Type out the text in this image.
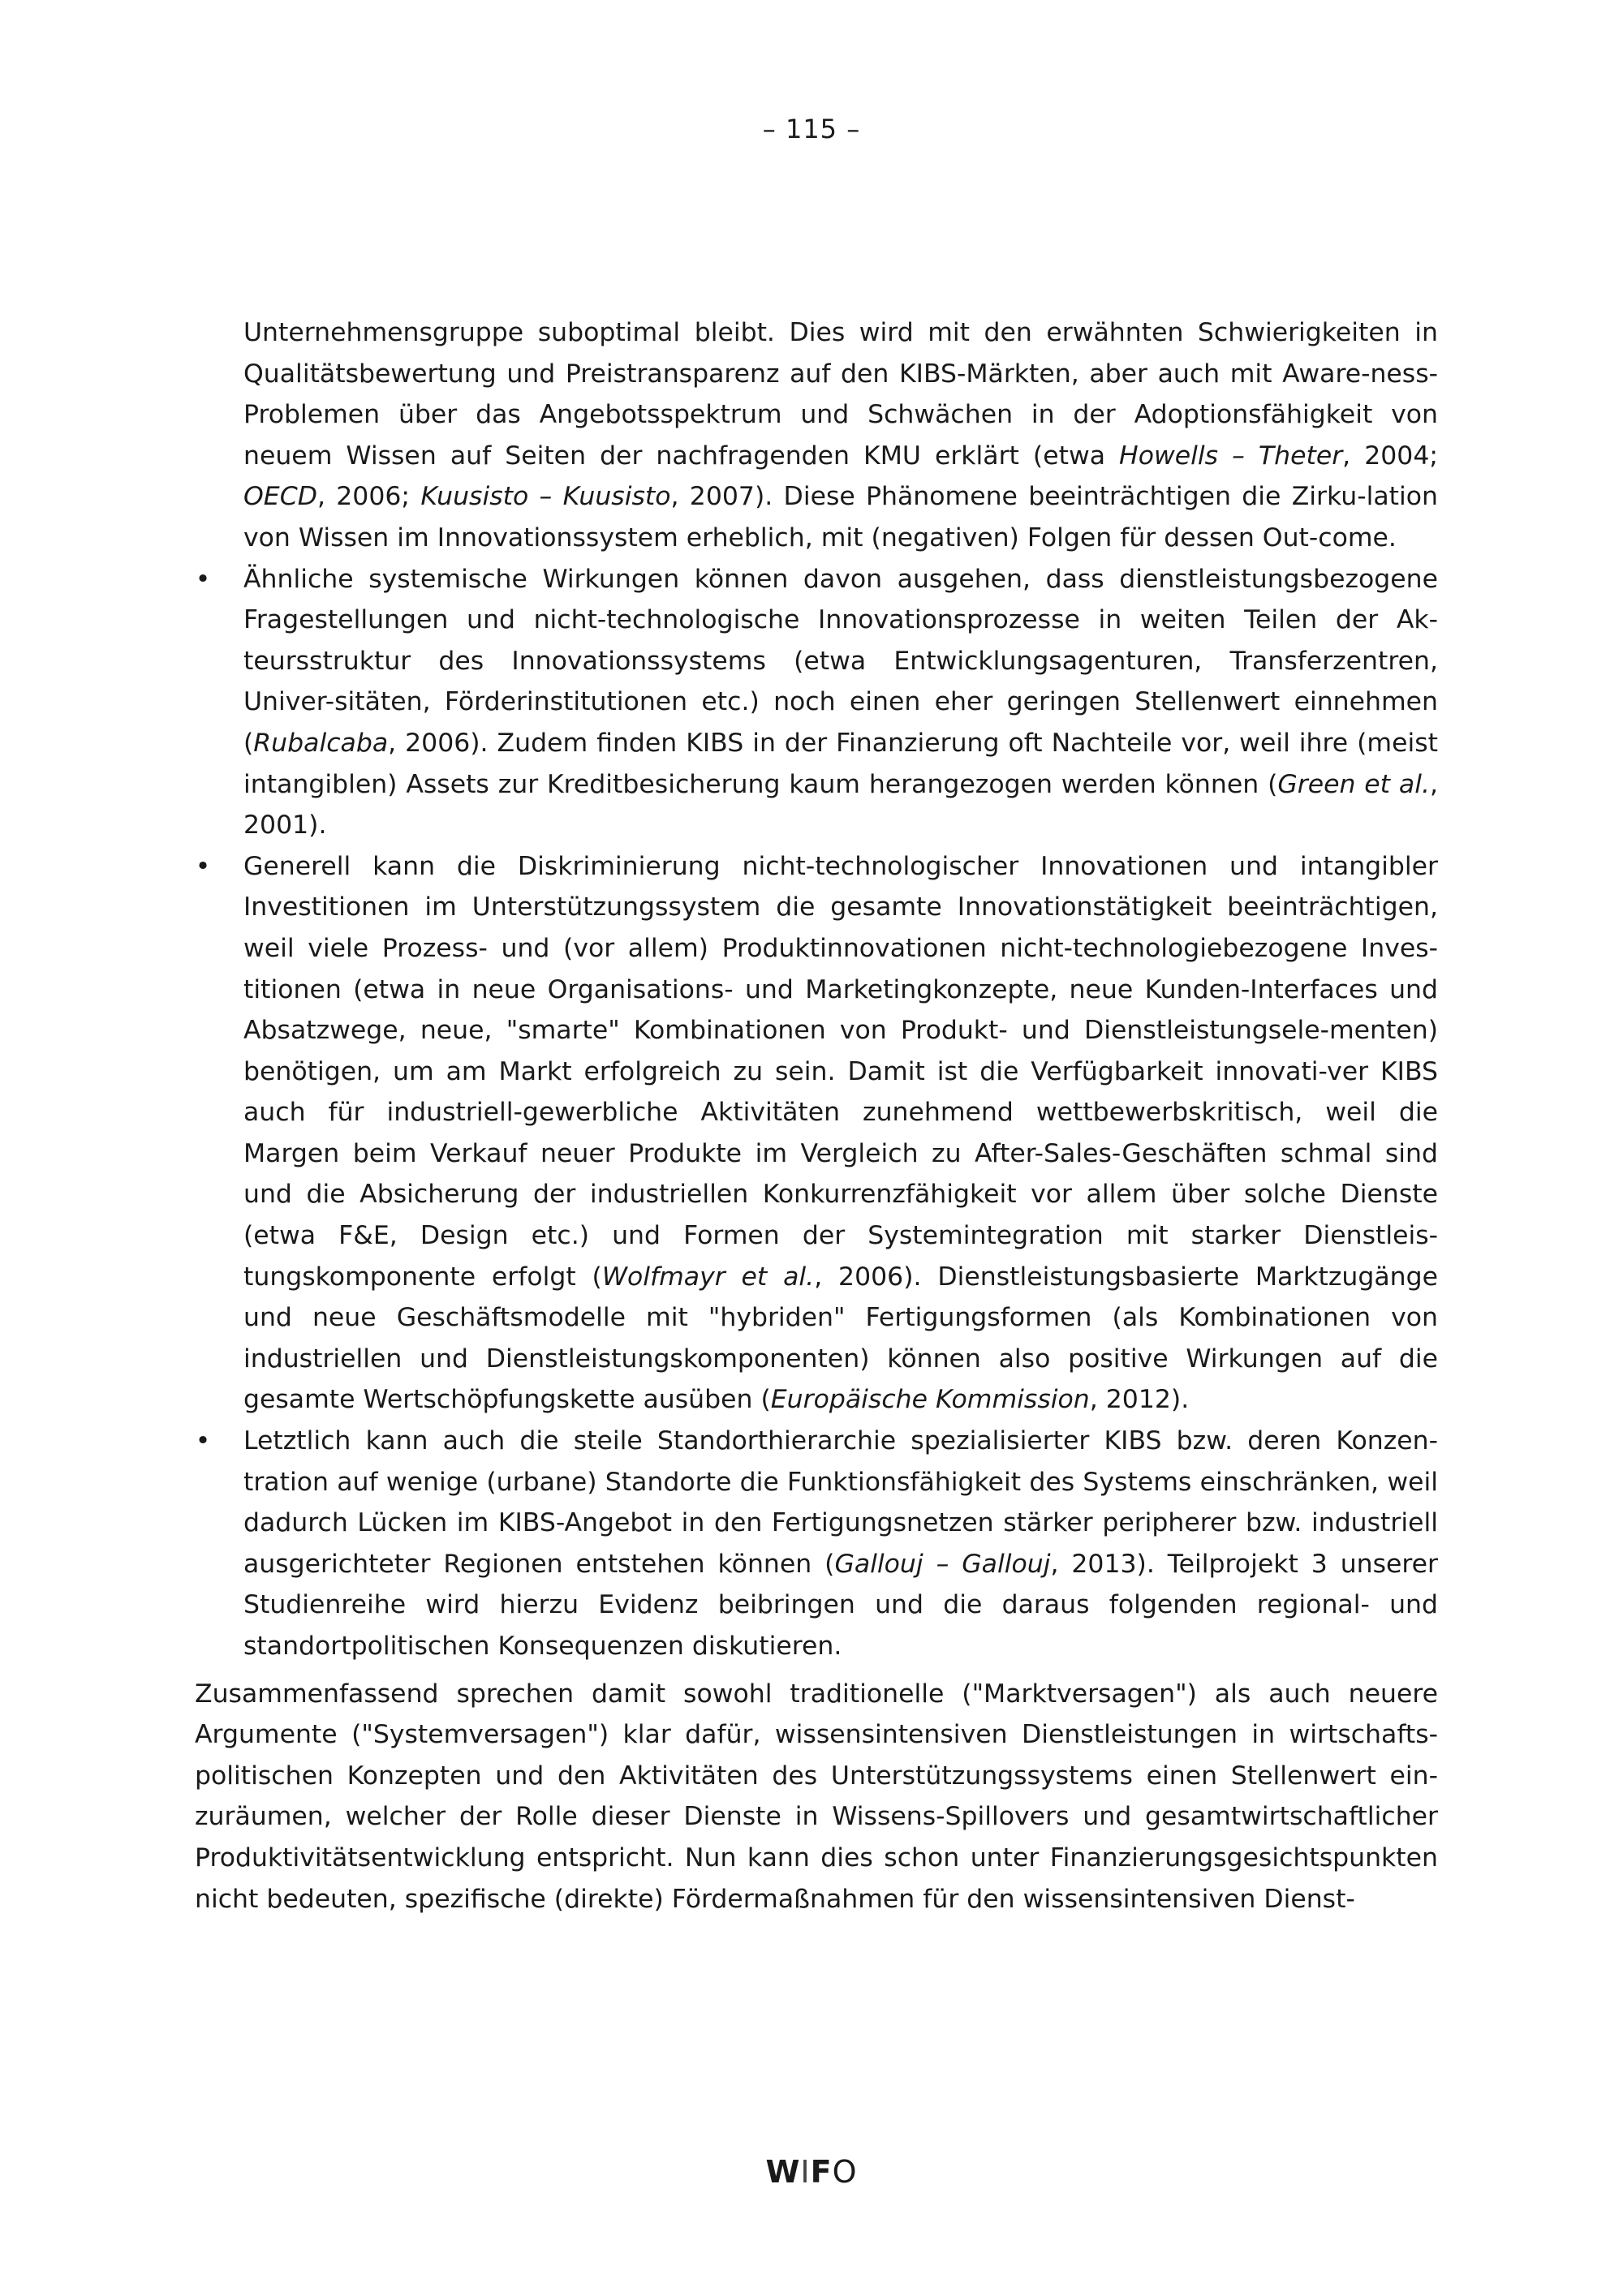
– 115 –

Unternehmensgruppe suboptimal bleibt. Dies wird mit den erwähnten Schwierigkeiten in Qualitätsbewertung und Preistransparenz auf den KIBS-Märkten, aber auch mit Aware-ness-Problemen über das Angebotsspektrum und Schwächen in der Adoptionsfähigkeit von neuem Wissen auf Seiten der nachfragenden KMU erklärt (etwa Howells – Theter, 2004; OECD, 2006; Kuusisto – Kuusisto, 2007). Diese Phänomene beeinträchtigen die Zirku-lation von Wissen im Innovationssystem erheblich, mit (negativen) Folgen für dessen Out-come.

• Ähnliche systemische Wirkungen können davon ausgehen, dass dienstleistungsbezogene Fragestellungen und nicht-technologische Innovationsprozesse in weiten Teilen der Ak-teursstruktur des Innovationssystems (etwa Entwicklungsagenturen, Transferzentren, Univer-sitäten, Förderinstitutionen etc.) noch einen eher geringen Stellenwert einnehmen (Rubalcaba, 2006). Zudem finden KIBS in der Finanzierung oft Nachteile vor, weil ihre (meist intangiblen) Assets zur Kreditbesicherung kaum herangezogen werden können (Green et al., 2001).
• Generell kann die Diskriminierung nicht-technologischer Innovationen und intangibler Investitionen im Unterstützungssystem die gesamte Innovationstätigkeit beeinträchtigen, weil viele Prozess- und (vor allem) Produktinnovationen nicht-technologiebezogene Inves-titionen (etwa in neue Organisations- und Marketingkonzepte, neue Kunden-Interfaces und Absatzwege, neue, "smarte" Kombinationen von Produkt- und Dienstleistungsele-menten) benötigen, um am Markt erfolgreich zu sein. Damit ist die Verfügbarkeit innovati-ver KIBS auch für industriell-gewerbliche Aktivitäten zunehmend wettbewerbskritisch, weil die Margen beim Verkauf neuer Produkte im Vergleich zu After-Sales-Geschäften schmal sind und die Absicherung der industriellen Konkurrenzfähigkeit vor allem über solche Dienste (etwa F&E, Design etc.) und Formen der Systemintegration mit starker Dienstleis-tungskomponente erfolgt (Wolfmayr et al., 2006). Dienstleistungsbasierte Marktzugänge und neue Geschäftsmodelle mit "hybriden" Fertigungsformen (als Kombinationen von industriellen und Dienstleistungskomponenten) können also positive Wirkungen auf die gesamte Wertschöpfungskette ausüben (Europäische Kommission, 2012).
• Letztlich kann auch die steile Standorthierarchie spezialisierter KIBS bzw. deren Konzen-tration auf wenige (urbane) Standorte die Funktionsfähigkeit des Systems einschränken, weil dadurch Lücken im KIBS-Angebot in den Fertigungsnetzen stärker peripherer bzw. industriell ausgerichteter Regionen entstehen können (Gallouj – Gallouj, 2013). Teilprojekt 3 unserer Studienreihe wird hierzu Evidenz beibringen und die daraus folgenden regional- und standortpolitischen Konsequenzen diskutieren.

Zusammenfassend sprechen damit sowohl traditionelle ("Marktversagen") als auch neuere Argumente ("Systemversagen") klar dafür, wissensintensiven Dienstleistungen in wirtschafts-politischen Konzepten und den Aktivitäten des Unterstützungssystems einen Stellenwert ein-zuräumen, welcher der Rolle dieser Dienste in Wissens-Spillovers und gesamtwirtschaftlicher Produktivitätsentwicklung entspricht. Nun kann dies schon unter Finanzierungsgesichtspunkten nicht bedeuten, spezifische (direkte) Fördermaßnahmen für den wissensintensiven Dienst-

WIFO
